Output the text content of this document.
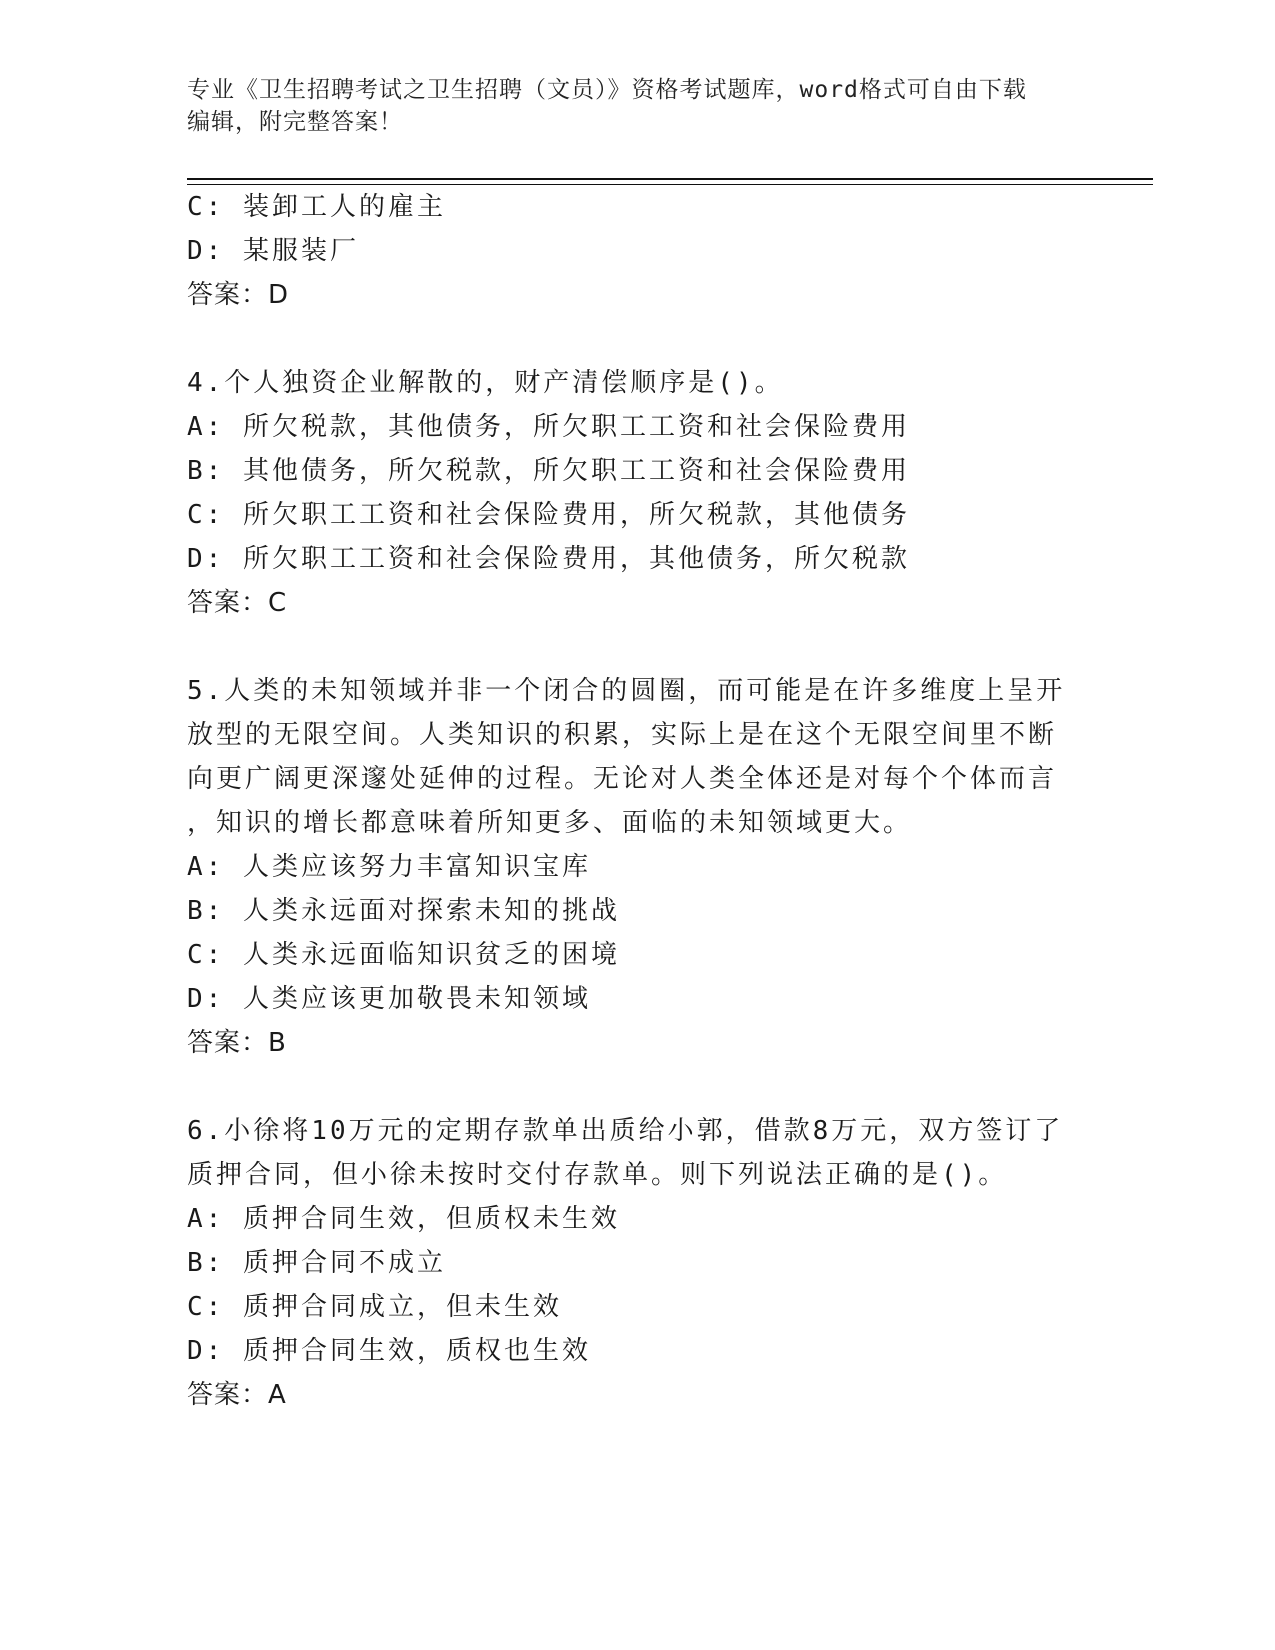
专业《卫生招聘考试之卫生招聘（文员）》资格考试题库，word格式可自由下载
编辑，附完整答案！
C: 装卸工人的雇主
D: 某服装厂
答案：D
4.个人独资企业解散的，财产清偿顺序是()。
A: 所欠税款，其他债务，所欠职工工资和社会保险费用
B: 其他债务，所欠税款，所欠职工工资和社会保险费用
C: 所欠职工工资和社会保险费用，所欠税款，其他债务
D: 所欠职工工资和社会保险费用，其他债务，所欠税款
答案：C
5.人类的未知领域并非一个闭合的圆圈，而可能是在许多维度上呈开
放型的无限空间。人类知识的积累，实际上是在这个无限空间里不断
向更广阔更深邃处延伸的过程。无论对人类全体还是对每个个体而言
，知识的增长都意味着所知更多、面临的未知领域更大。
A: 人类应该努力丰富知识宝库
B: 人类永远面对探索未知的挑战
C: 人类永远面临知识贫乏的困境
D: 人类应该更加敬畏未知领域
答案：B
6.小徐将10万元的定期存款单出质给小郭，借款8万元，双方签订了
质押合同，但小徐未按时交付存款单。则下列说法正确的是()。
A: 质押合同生效，但质权未生效
B: 质押合同不成立
C: 质押合同成立，但未生效
D: 质押合同生效，质权也生效
答案：A
